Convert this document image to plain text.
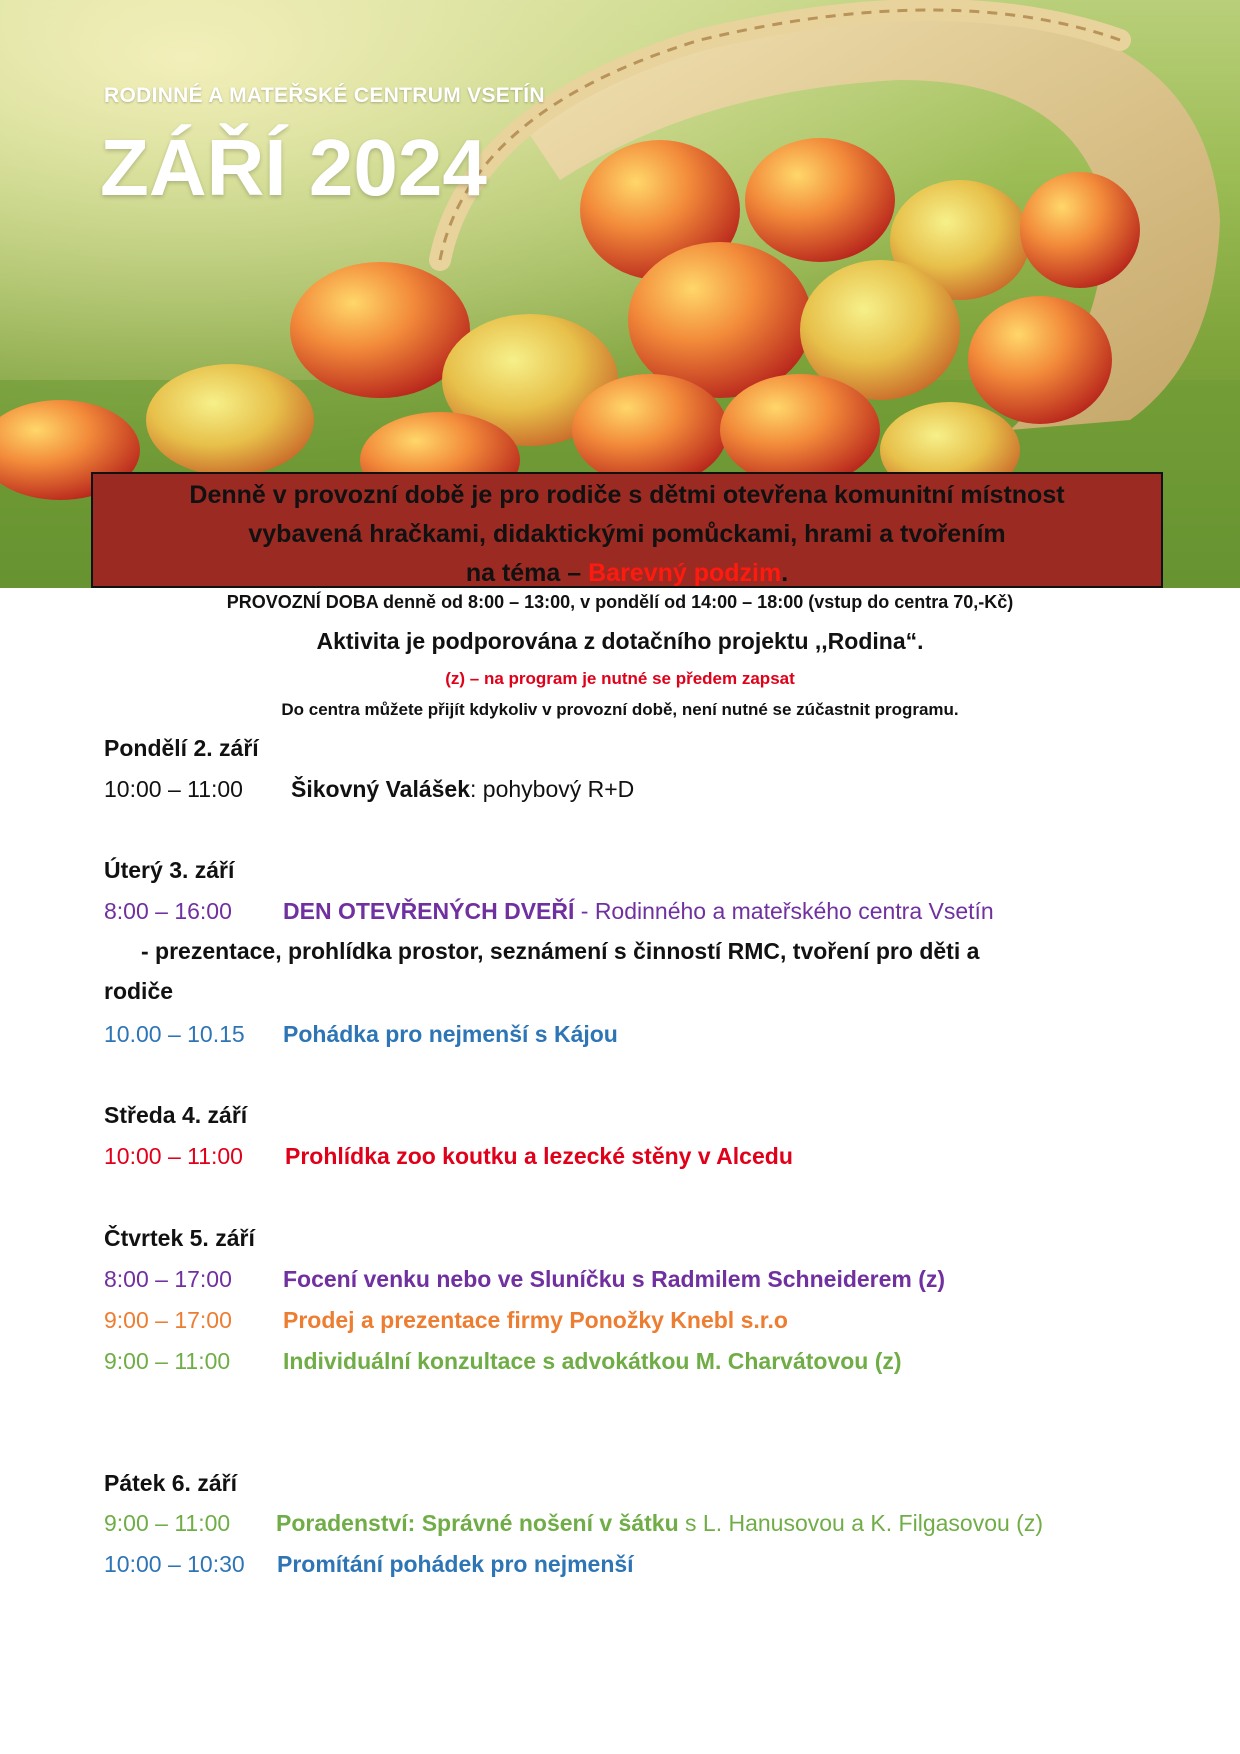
RODINNÉ A MATEŘSKÉ CENTRUM VSETÍN
ZÁŘÍ 2024
Denně v provozní době je pro rodiče s dětmi otevřena komunitní místnost
vybavená hračkami, didaktickými pomůckami, hrami a tvořením
na téma – Barevný podzim.
PROVOZNÍ DOBA denně od 8:00 – 13:00, v pondělí od 14:00 – 18:00 (vstup do centra 70,-Kč)
Aktivita je podporována z dotačního projektu ,,Rodina“.
(z) – na program je nutné se předem zapsat
Do centra můžete přijít kdykoliv v provozní době, není nutné se zúčastnit programu.
Pondělí 2. září
10:00 – 11:00 Šikovný Valášek: pohybový R+D
Úterý 3. září
8:00 – 16:00 DEN OTEVŘENÝCH DVEŘÍ - Rodinného a mateřského centra Vsetín
- prezentace, prohlídka prostor, seznámení s činností RMC, tvoření pro děti a
rodiče
10.00 – 10.15 Pohádka pro nejmenší s Kájou
Středa 4. září
10:00 – 11:00 Prohlídka zoo koutku a lezecké stěny v Alcedu
Čtvrtek 5. září
8:00 – 17:00 Focení venku nebo ve Sluníčku s Radmilem Schneiderem (z)
9:00 – 17:00 Prodej a prezentace firmy Ponožky Knebl s.r.o
9:00 – 11:00 Individuální konzultace s advokátkou M. Charvátovou (z)
Pátek 6. září
9:00 – 11:00 Poradenství: Správné nošení v šátku s L. Hanusovou a K. Filgasovou (z)
10:00 – 10:30 Promítání pohádek pro nejmenší
